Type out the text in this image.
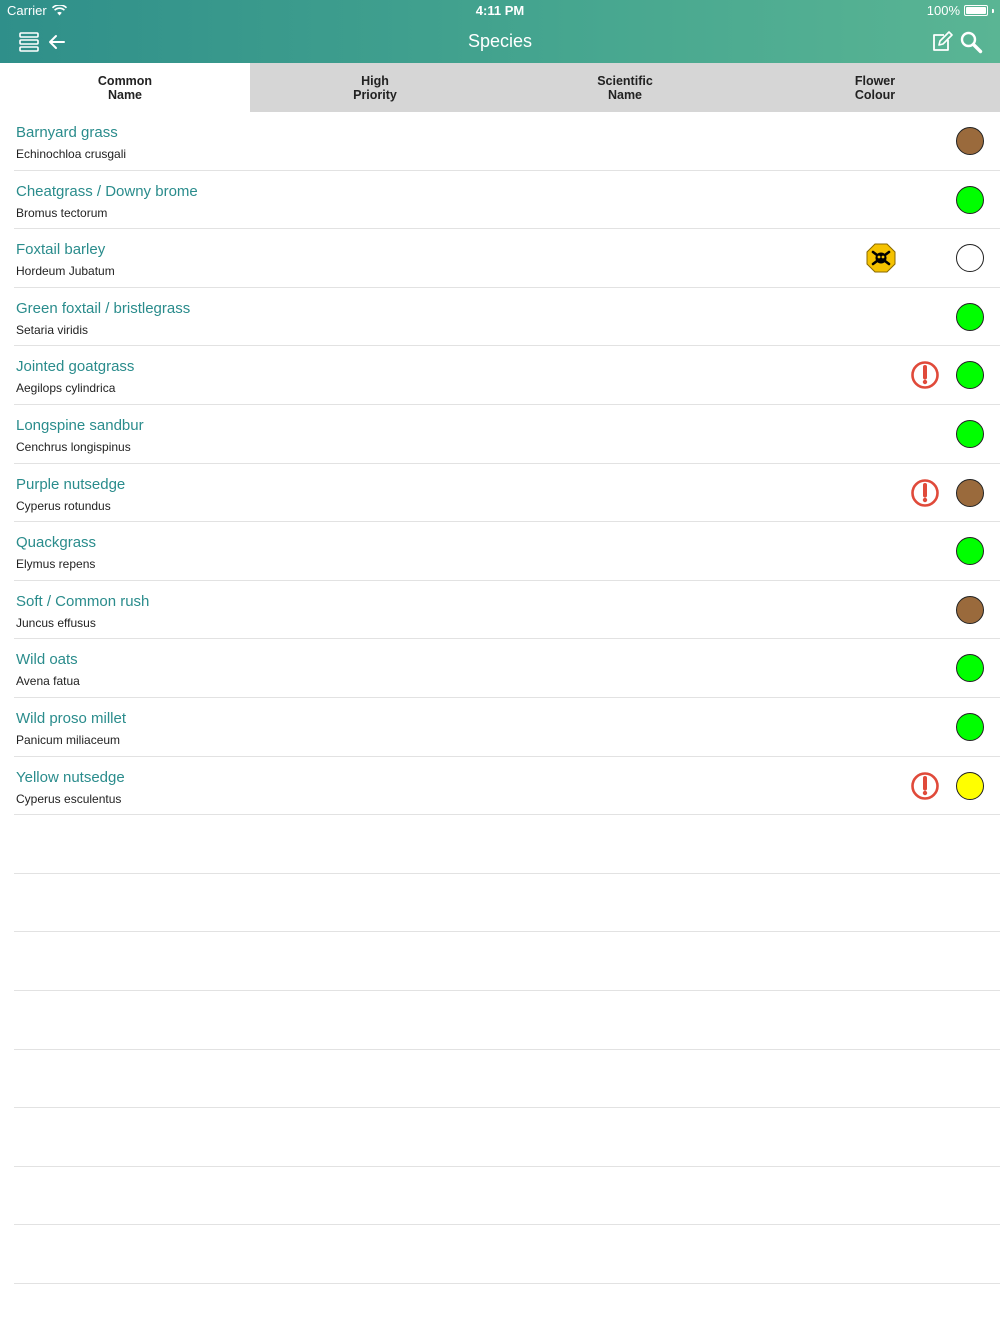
Carrier	4:11 PM	100%
Species
Common
Name
High
Priority
Scientific
Name
Flower
Colour
Barnyard grass
Echinochloa crusgali
Cheatgrass / Downy brome
Bromus tectorum
Foxtail barley
Hordeum Jubatum
Green foxtail / bristlegrass
Setaria viridis
Jointed goatgrass
Aegilops cylindrica
Longspine sandbur
Cenchrus longispinus
Purple nutsedge
Cyperus rotundus
Quackgrass
Elymus repens
Soft / Common rush
Juncus effusus
Wild oats
Avena fatua
Wild proso millet
Panicum miliaceum
Yellow nutsedge
Cyperus esculentus
